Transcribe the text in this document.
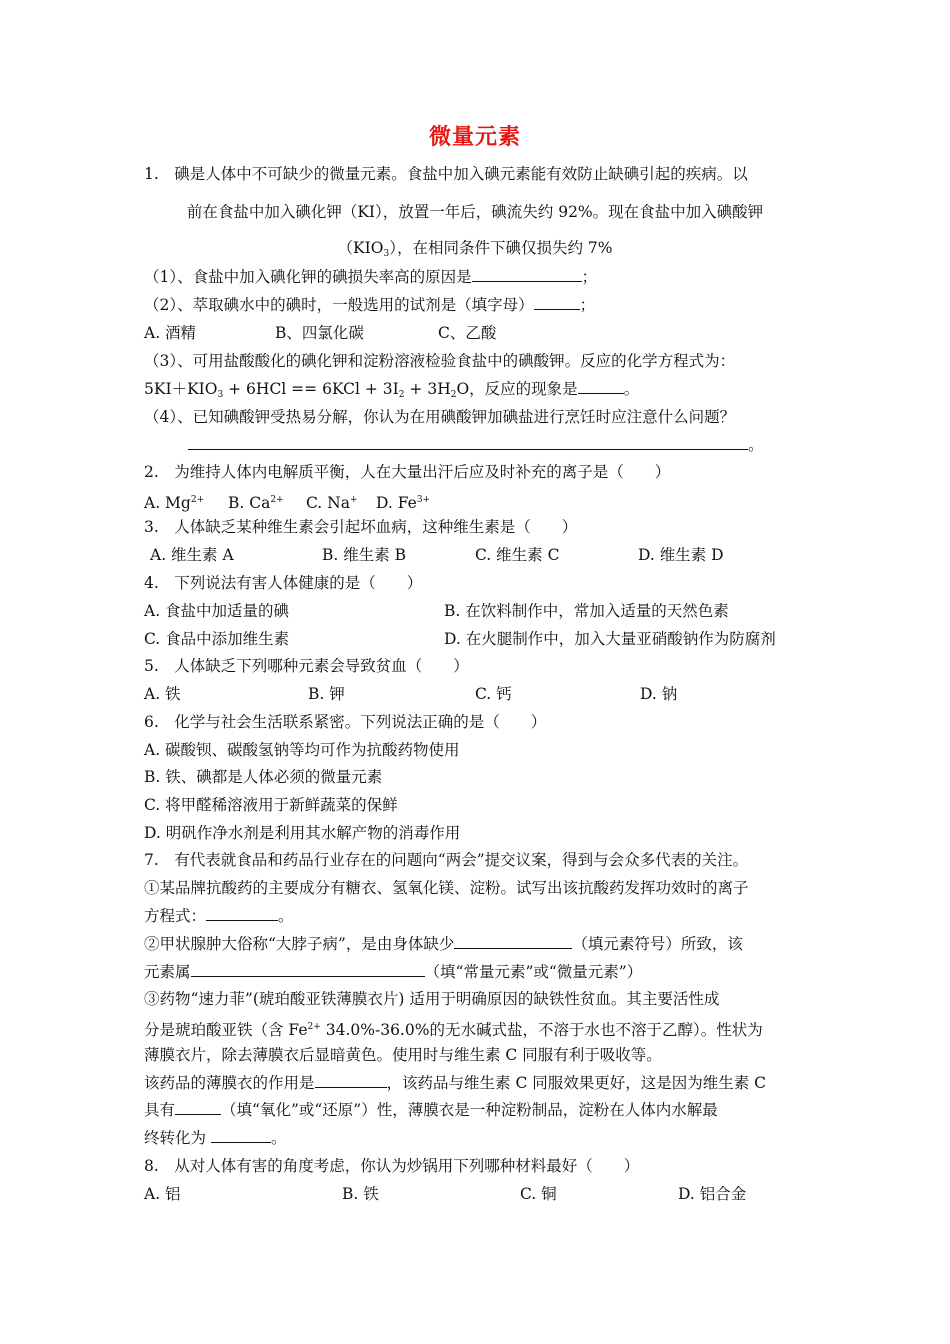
微量元素
1.　碘是人体中不可缺少的微量元素。食盐中加入碘元素能有效防止缺碘引起的疾病。以
前在食盐中加入碘化钾（KI），放置一年后，碘流失约 92%。现在食盐中加入碘酸钾
$(KIO_3)$，在相同条件下碘仅损失约 7%
（1）、食盐中加入碘化钾的碘损失率高的原因是	；
（2）、萃取碘水中的碘时，一般选用的试剂是（填字母）	；
A. 酒精	B、四氯化碳	C、乙酸
（3）、可用盐酸酸化的碘化钾和淀粉溶液检验食盐中的碘酸钾。反应的化学方程式为：
$5KI+KIO_3 + 6HCl == 6KCl + 3I_2 + 3H_2O$，反应的现象是	。
（4）、已知碘酸钾受热易分解，你认为在用碘酸钾加碘盐进行烹饪时应注意什么问题？
。
2.　为维持人体内电解质平衡，人在大量出汗后应及时补充的离子是（　　）
A. $Mg^{2+}$ B. $Ca^{2+}$ C. Na+ D. $Fe^{3+}$
3.　人体缺乏某种维生素会引起坏血病，这种维生素是（　　）
A. 维生素 A	B. 维生素 B	C. 维生素 C	D. 维生素 D
4.　下列说法有害人体健康的是（　　）
A. 食盐中加适量的碘	B. 在饮料制作中，常加入适量的天然色素
C. 食品中添加维生素	D. 在火腿制作中，加入大量亚硝酸钠作为防腐剂
5.　人体缺乏下列哪种元素会导致贫血（　　）
A. 铁	B. 钾	C. 钙	D. 钠
6.　化学与社会生活联系紧密。下列说法正确的是（　　）
A. 碳酸钡、碳酸氢钠等均可作为抗酸药物使用
B. 铁、碘都是人体必须的微量元素
C. 将甲醛稀溶液用于新鲜蔬菜的保鲜
D. 明矾作净水剂是利用其水解产物的消毒作用
7.　有代表就食品和药品行业存在的问题向“两会”提交议案，得到与会众多代表的关注。
①某品牌抗酸药的主要成分有糖衣、氢氧化镁、淀粉。试写出该抗酸药发挥功效时的离子
方程式：	。
②甲状腺肿大俗称“大脖子病”，是由身体缺少	（填元素符号）所致，该
元素属	（填“常量元素”或“微量元素”）
③药物“速力菲”(琥珀酸亚铁薄膜衣片) 适用于明确原因的缺铁性贫血。其主要活性成
分是琥珀酸亚铁（含 $Fe^{2+}$ 34.0%-36.0%的无水碱式盐，不溶于水也不溶于乙醇）。性状为
薄膜衣片，除去薄膜衣后显暗黄色。使用时与维生素 C 同服有利于吸收等。
该药品的薄膜衣的作用是	，该药品与维生素 C 同服效果更好，这是因为维生素 C
具有	（填“氧化”或“还原”）性，薄膜衣是一种淀粉制品，淀粉在人体内水解最
终转化为	。
8.　从对人体有害的角度考虑，你认为炒锅用下列哪种材料最好（　　）
A. 铝	B. 铁	C. 铜	D. 铝合金
